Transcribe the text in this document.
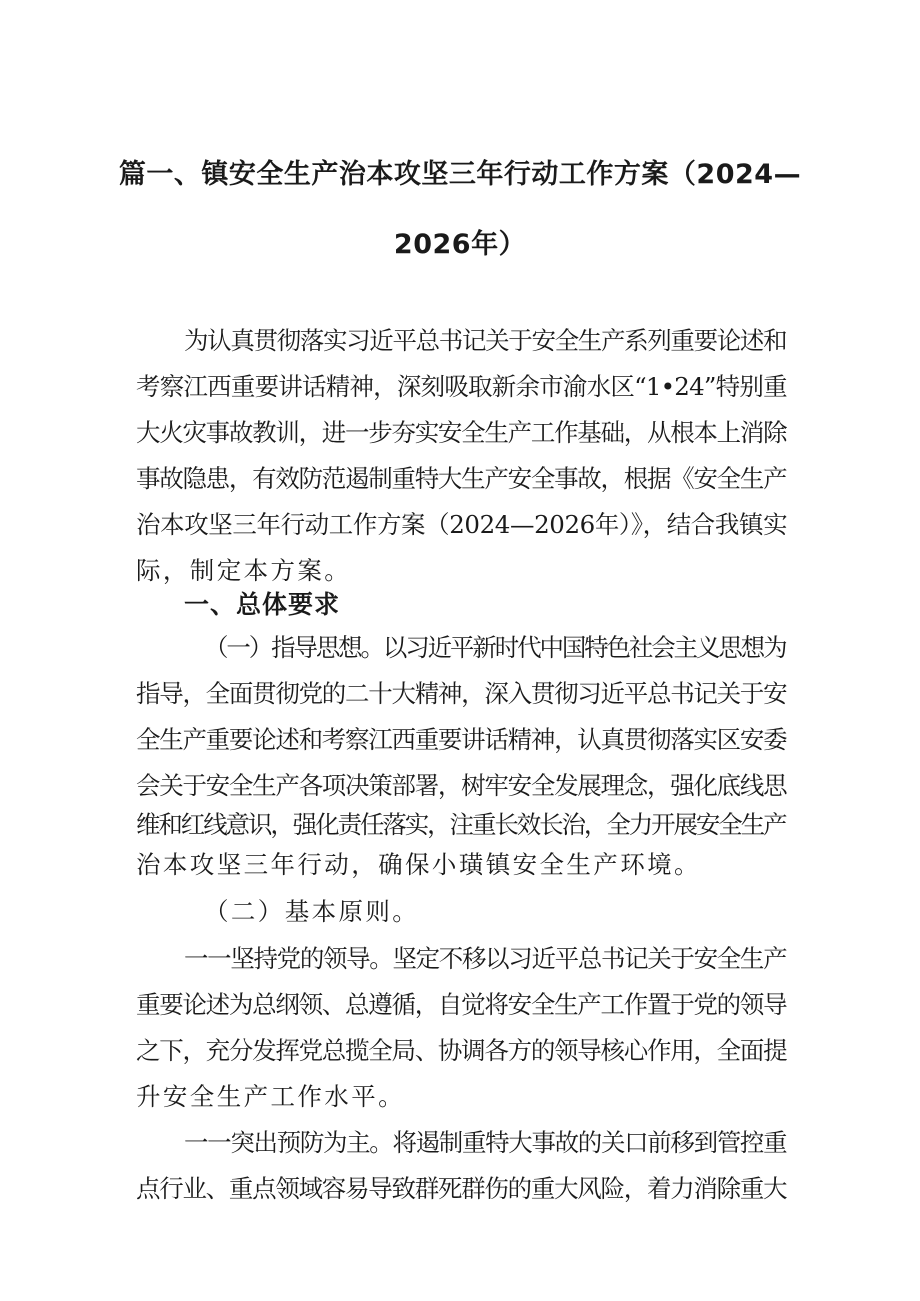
篇一、镇安全生产治本攻坚三年行动工作方案（2024—
2026年）
为认真贯彻落实习近平总书记关于安全生产系列重要论述和
考察江西重要讲话精神，深刻吸取新余市渝水区“1•24”特别重
大火灾事故教训，进一步夯实安全生产工作基础，从根本上消除
事故隐患，有效防范遏制重特大生产安全事故，根据《安全生产
治本攻坚三年行动工作方案（2024—2026年）》，结合我镇实
际，制定本方案。
一、总体要求
（一）指导思想。以习近平新时代中国特色社会主义思想为
指导，全面贯彻党的二十大精神，深入贯彻习近平总书记关于安
全生产重要论述和考察江西重要讲话精神，认真贯彻落实区安委
会关于安全生产各项决策部署，树牢安全发展理念，强化底线思
维和红线意识，强化责任落实，注重长效长治，全力开展安全生产
治本攻坚三年行动，确保小璜镇安全生产环境。
（二）基本原则。
一一坚持党的领导。坚定不移以习近平总书记关于安全生产
重要论述为总纲领、总遵循，自觉将安全生产工作置于党的领导
之下，充分发挥党总揽全局、协调各方的领导核心作用，全面提
升安全生产工作水平。
一一突出预防为主。将遏制重特大事故的关口前移到管控重
点行业、重点领域容易导致群死群伤的重大风险，着力消除重大
